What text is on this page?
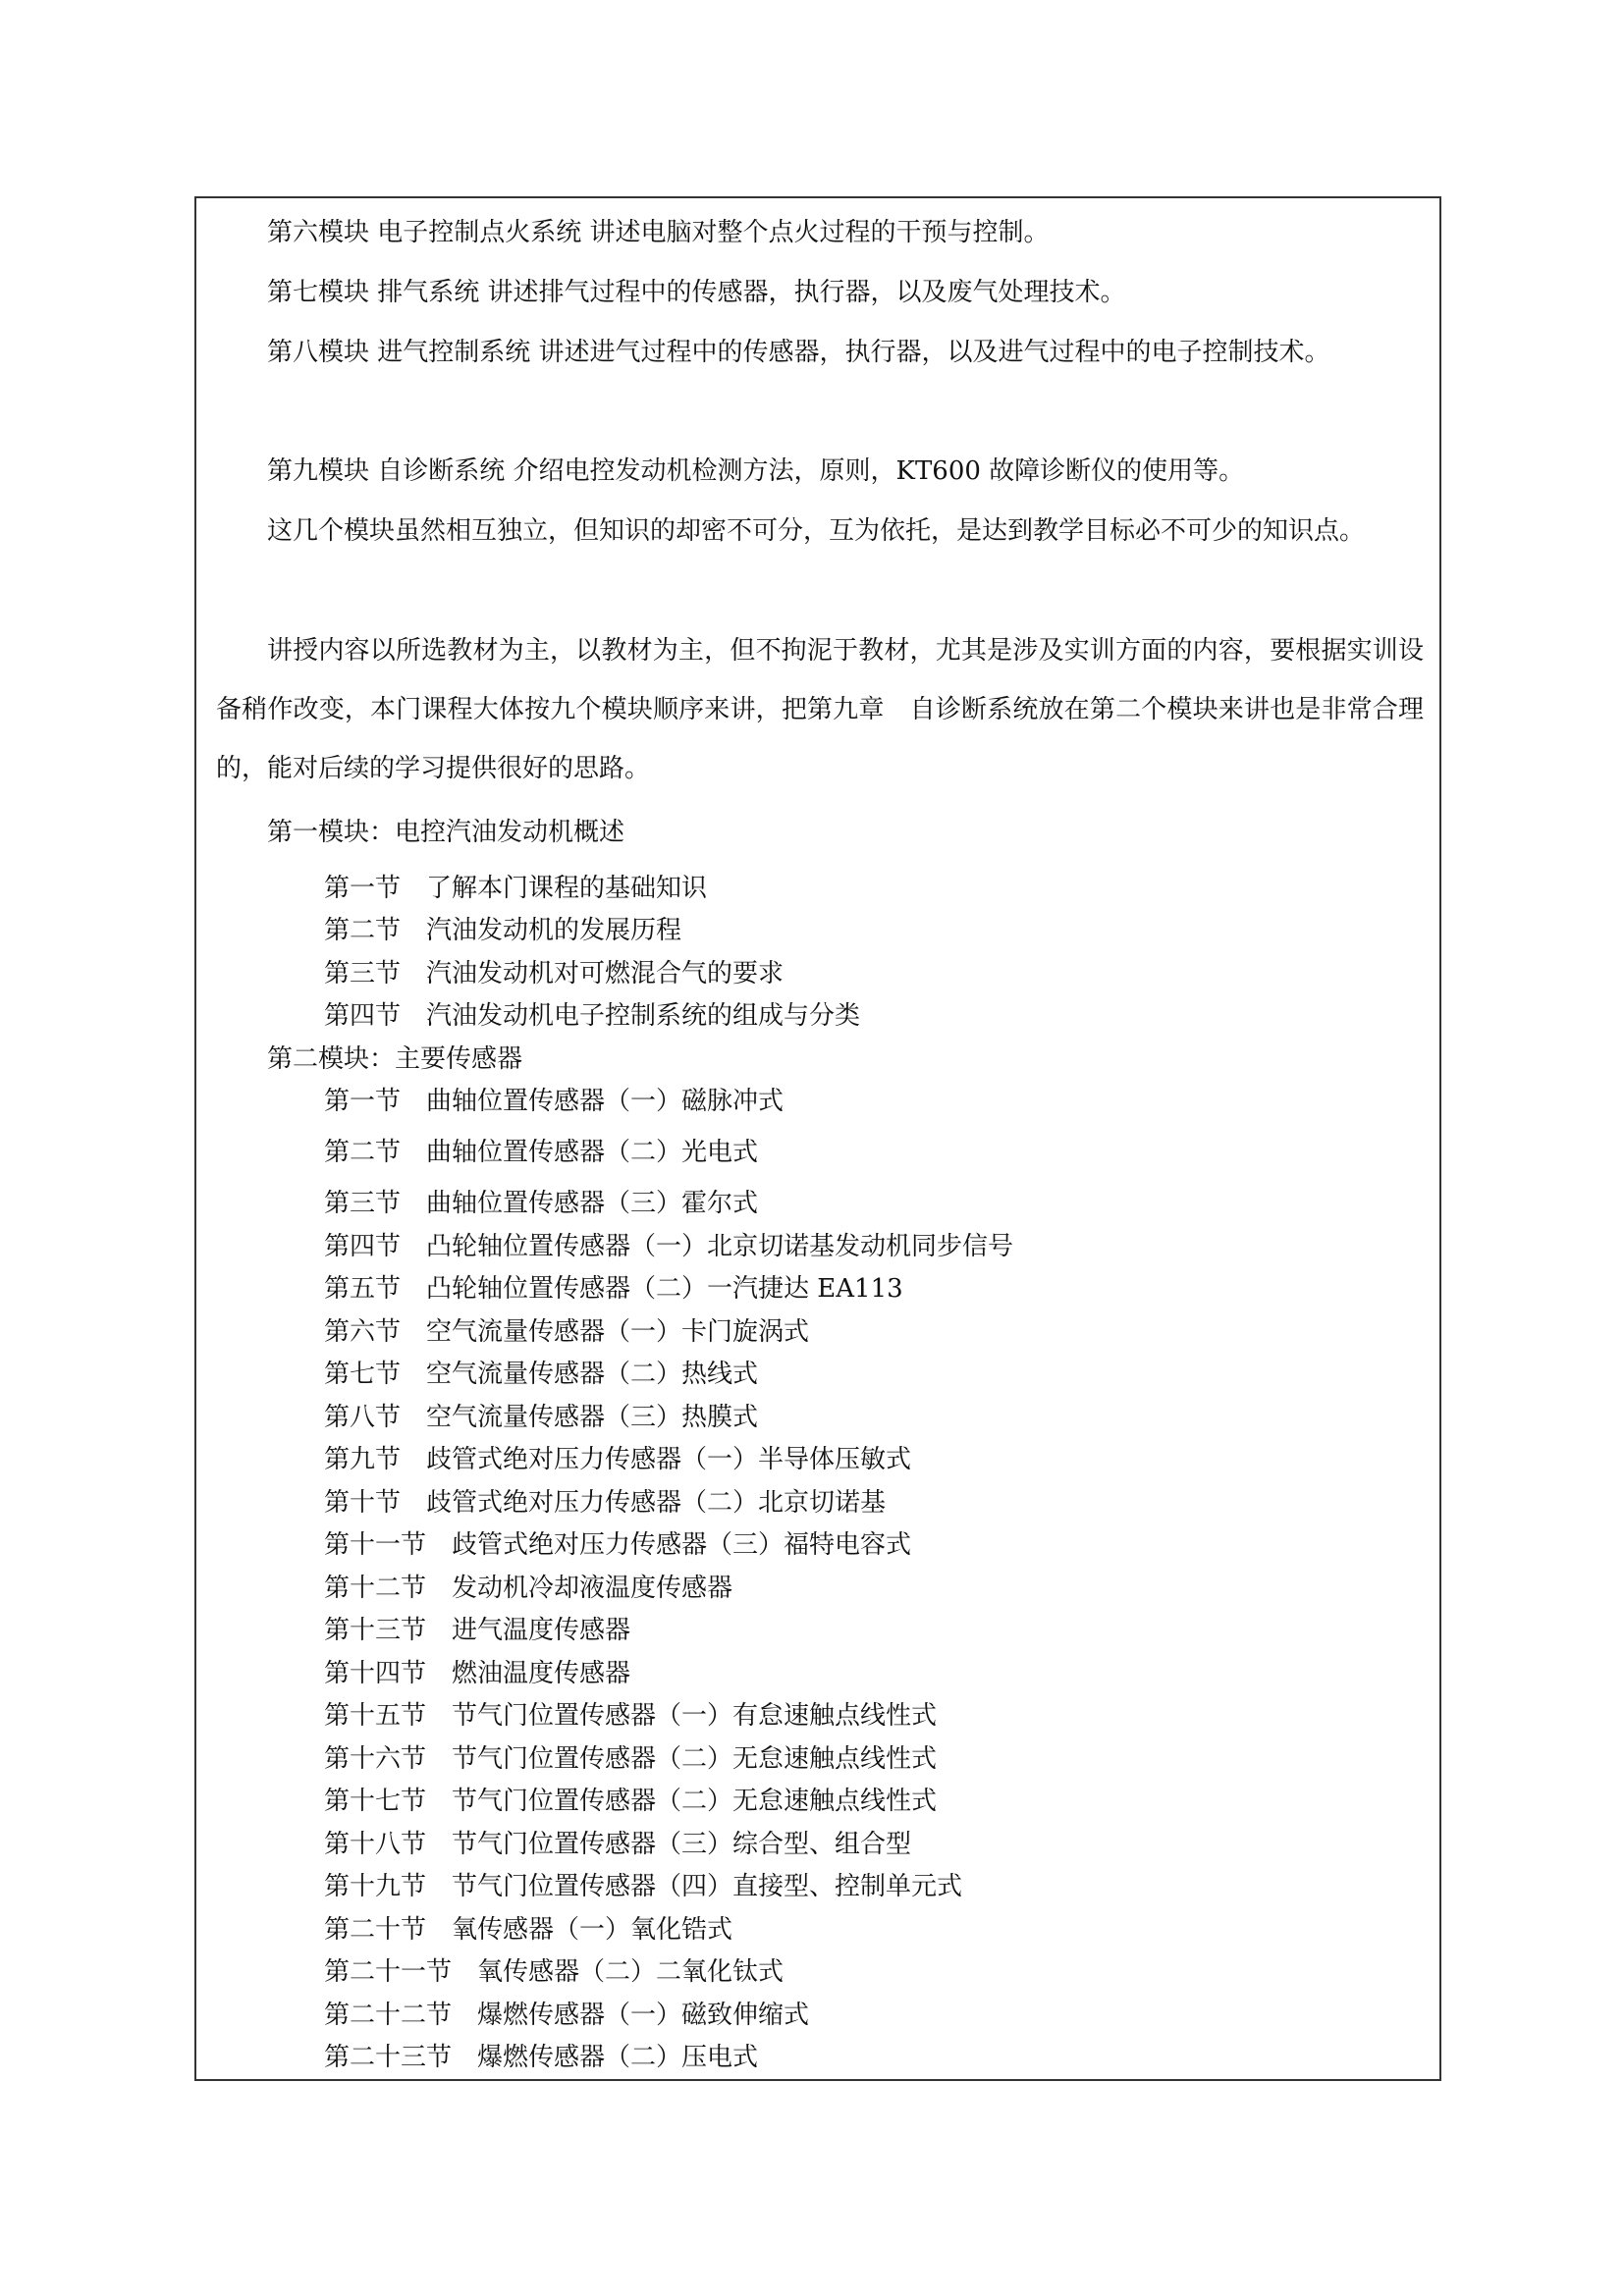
第六模块 电子控制点火系统 讲述电脑对整个点火过程的干预与控制。

第七模块 排气系统 讲述排气过程中的传感器，执行器，以及废气处理技术。

第八模块 进气控制系统 讲述进气过程中的传感器，执行器，以及进气过程中的电子控制技术。

第九模块 自诊断系统 介绍电控发动机检测方法，原则，KT600 故障诊断仪的使用等。

这几个模块虽然相互独立，但知识的却密不可分，互为依托，是达到教学目标必不可少的知识点。

讲授内容以所选教材为主，以教材为主，但不拘泥于教材，尤其是涉及实训方面的内容，要根据实训设备稍作改变，本门课程大体按九个模块顺序来讲，把第九章　自诊断系统放在第二个模块来讲也是非常合理的，能对后续的学习提供很好的思路。

第一模块：电控汽油发动机概述

第一节　了解本门课程的基础知识

第二节　汽油发动机的发展历程

第三节　汽油发动机对可燃混合气的要求

第四节　汽油发动机电子控制系统的组成与分类

第二模块：主要传感器

第一节　曲轴位置传感器（一）磁脉冲式

第二节　曲轴位置传感器（二）光电式

第三节　曲轴位置传感器（三）霍尔式

第四节　凸轮轴位置传感器（一）北京切诺基发动机同步信号

第五节　凸轮轴位置传感器（二）一汽捷达 EA113

第六节　空气流量传感器（一）卡门旋涡式

第七节　空气流量传感器（二）热线式

第八节　空气流量传感器（三）热膜式

第九节　歧管式绝对压力传感器（一）半导体压敏式

第十节　歧管式绝对压力传感器（二）北京切诺基

第十一节　歧管式绝对压力传感器（三）福特电容式

第十二节　发动机冷却液温度传感器

第十三节　进气温度传感器

第十四节　燃油温度传感器

第十五节　节气门位置传感器（一）有怠速触点线性式

第十六节　节气门位置传感器（二）无怠速触点线性式

第十七节　节气门位置传感器（二）无怠速触点线性式

第十八节　节气门位置传感器（三）综合型、组合型

第十九节　节气门位置传感器（四）直接型、控制单元式

第二十节　氧传感器（一）氧化锆式

第二十一节　氧传感器（二）二氧化钛式

第二十二节　爆燃传感器（一）磁致伸缩式

第二十三节　爆燃传感器（二）压电式
